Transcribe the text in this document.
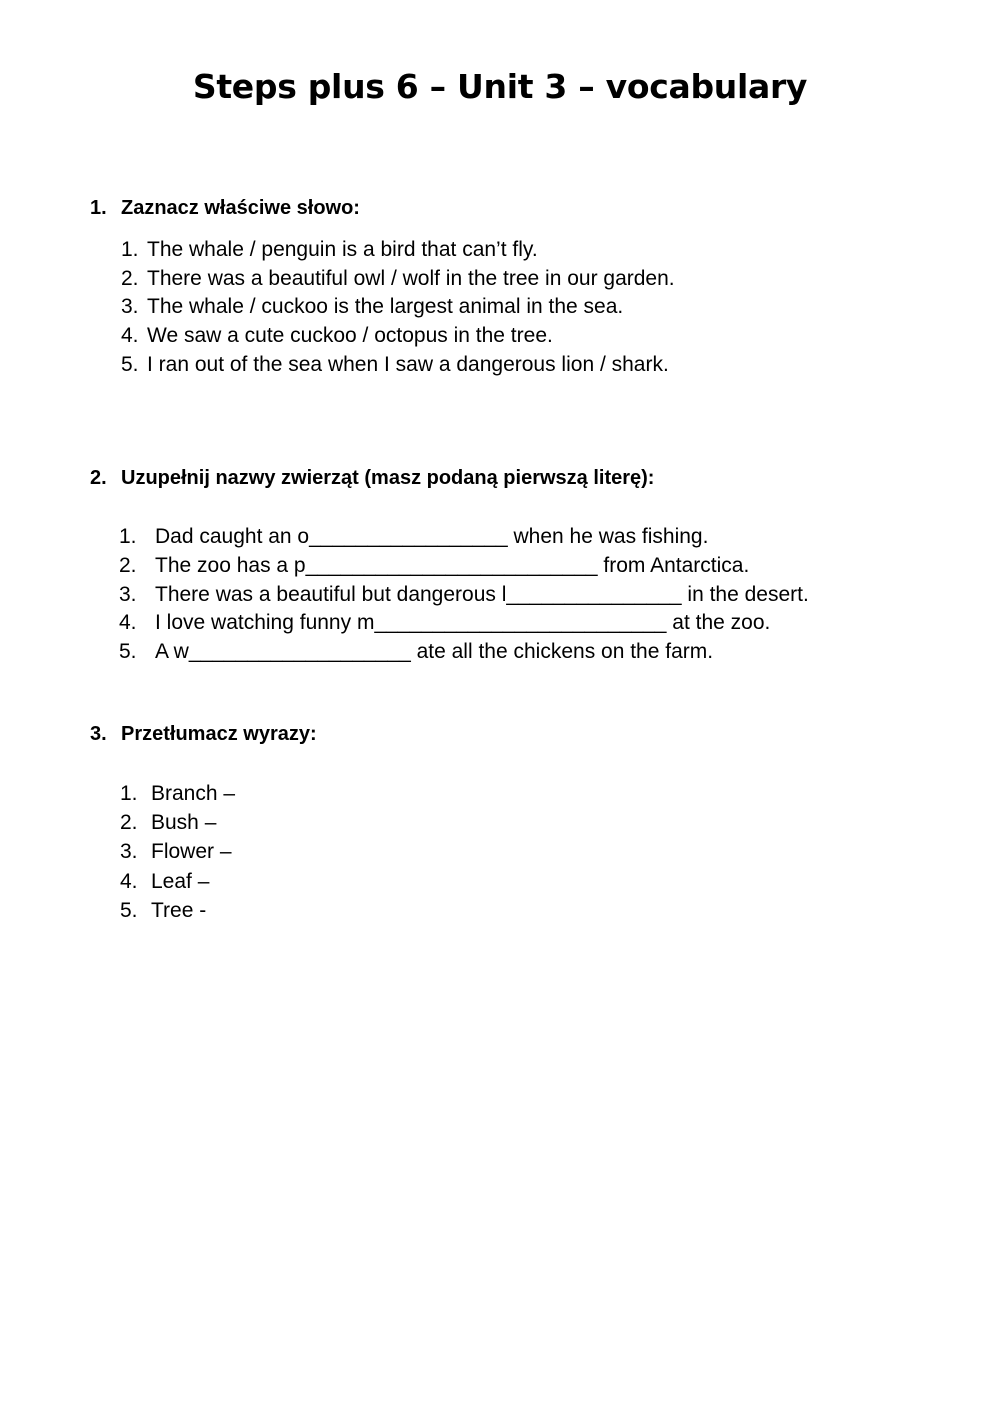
Steps plus 6 – Unit 3 – vocabulary
1. Zaznacz właściwe słowo:
1. The whale / penguin is a bird that can’t fly.
2. There was a beautiful owl / wolf in the tree in our garden.
3. The whale / cuckoo is the largest animal in the sea.
4. We saw a cute cuckoo / octopus in the tree.
5. I ran out of the sea when I saw a dangerous lion / shark.
2. Uzupełnij nazwy zwierząt (masz podaną pierwszą literę):
1. Dad caught an o_________________ when he was fishing.
2. The zoo has a p_________________________ from Antarctica.
3. There was a beautiful but dangerous l_______________ in the desert.
4. I love watching funny m_________________________ at the zoo.
5. A w___________________ ate all the chickens on the farm.
3. Przetłumacz wyrazy:
1. Branch –
2. Bush –
3. Flower –
4. Leaf –
5. Tree -
